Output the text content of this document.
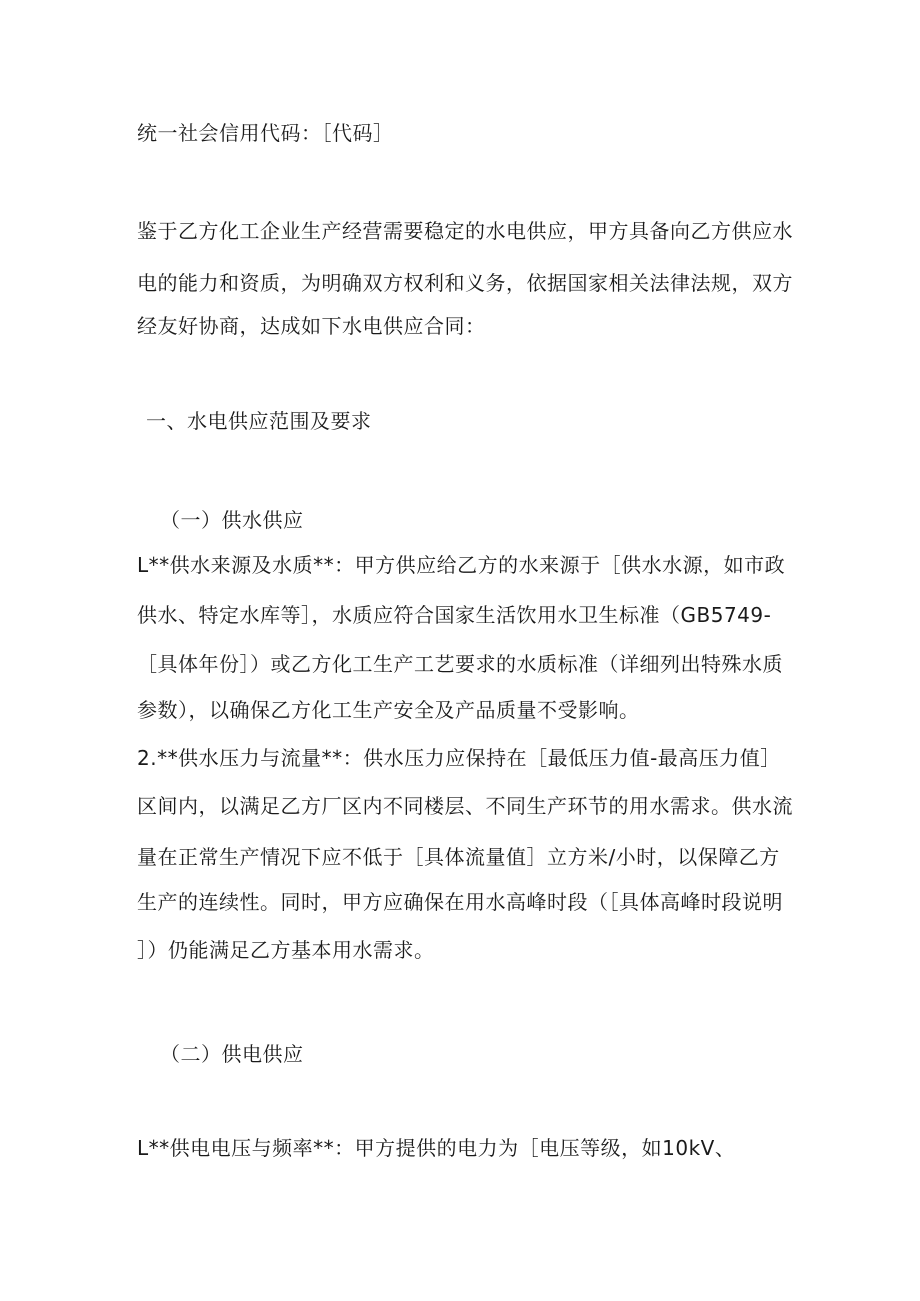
统一社会信用代码：［代码］
鉴于乙方化工企业生产经营需要稳定的水电供应，甲方具备向乙方供应水
电的能力和资质，为明确双方权利和义务，依据国家相关法律法规，双方
经友好协商，达成如下水电供应合同：
一、水电供应范围及要求
（一）供水供应
L**供水来源及水质**：甲方供应给乙方的水来源于［供水水源，如市政
供水、特定水库等］，水质应符合国家生活饮用水卫生标准（GB5749-
［具体年份］）或乙方化工生产工艺要求的水质标准（详细列出特殊水质
参数），以确保乙方化工生产安全及产品质量不受影响。
2.**供水压力与流量**：供水压力应保持在［最低压力值-最高压力值］
区间内，以满足乙方厂区内不同楼层、不同生产环节的用水需求。供水流
量在正常生产情况下应不低于［具体流量值］立方米/小时，以保障乙方
生产的连续性。同时，甲方应确保在用水高峰时段（［具体高峰时段说明
］）仍能满足乙方基本用水需求。
（二）供电供应
L**供电电压与频率**：甲方提供的电力为［电压等级，如10kV、
